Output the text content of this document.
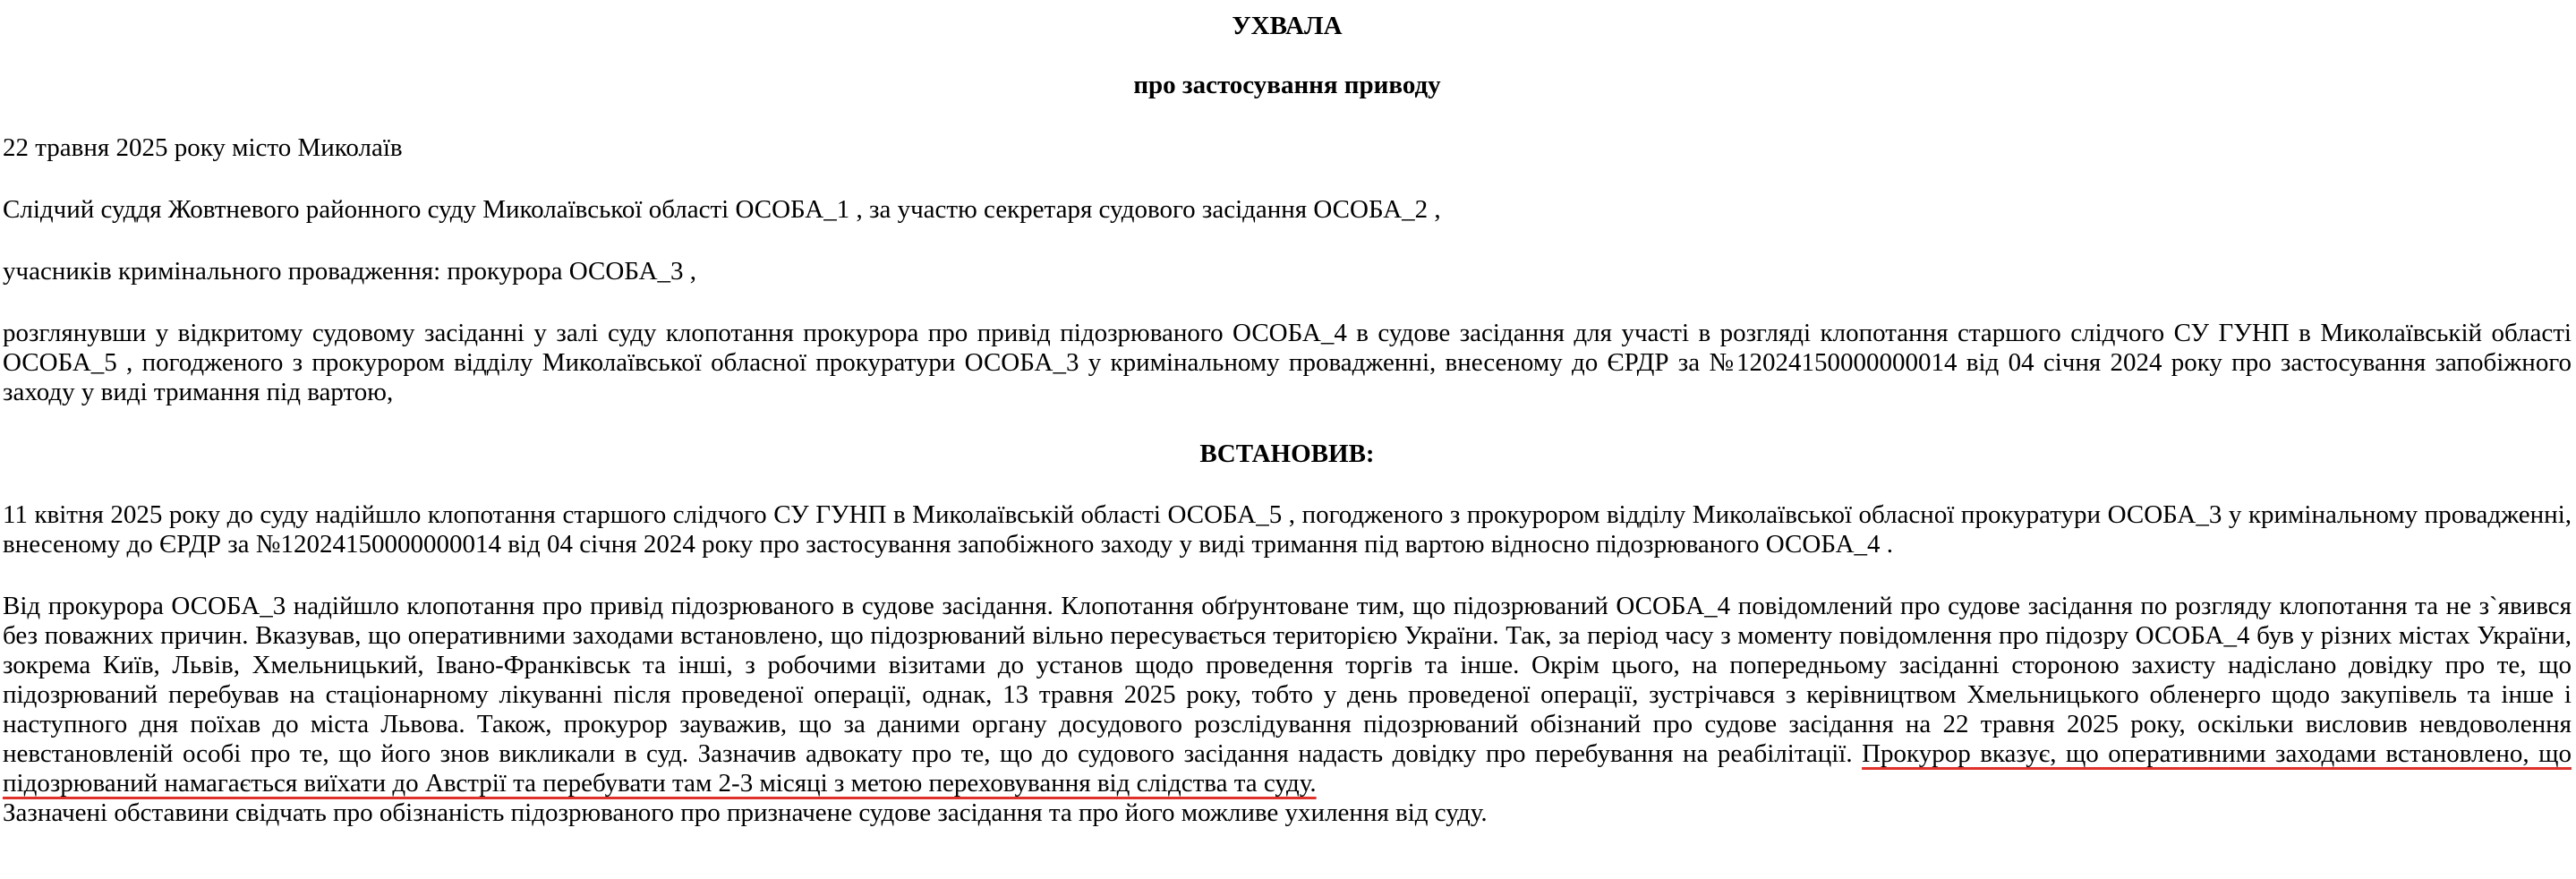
УХВАЛА
про застосування приводу

22 травня 2025 року місто Миколаїв

Слідчий суддя Жовтневого районного суду Миколаївської області ОСОБА_1 , за участю секретаря судового засідання ОСОБА_2 ,

учасників кримінального провадження: прокурора ОСОБА_3 ,

розглянувши у відкритому судовому засіданні у залі суду клопотання прокурора про привід підозрюваного ОСОБА_4 в судове засідання для участі в розгляді клопотання старшого слідчого СУ ГУНП в Миколаївській області ОСОБА_5 , погодженого з прокурором відділу Миколаївської обласної прокуратури ОСОБА_3 у кримінальному провадженні, внесеному до ЄРДР за №12024150000000014 від 04 січня 2024 року про застосування запобіжного заходу у виді тримання під вартою,

ВСТАНОВИВ:

11 квітня 2025 року до суду надійшло клопотання старшого слідчого СУ ГУНП в Миколаївській області ОСОБА_5 , погодженого з прокурором відділу Миколаївської обласної прокуратури ОСОБА_3 у кримінальному провадженні, внесеному до ЄРДР за №12024150000000014 від 04 січня 2024 року про застосування запобіжного заходу у виді тримання під вартою відносно підозрюваного ОСОБА_4 .

Від прокурора ОСОБА_3 надійшло клопотання про привід підозрюваного в судове засідання. Клопотання обґрунтоване тим, що підозрюваний ОСОБА_4 повідомлений про судове засідання по розгляду клопотання та не з`явився без поважних причин. Вказував, що оперативними заходами встановлено, що підозрюваний вільно пересувається територією України. Так, за період часу з моменту повідомлення про підозру ОСОБА_4 був у різних містах України, зокрема Київ, Львів, Хмельницький, Івано-Франківськ та інші, з робочими візитами до установ щодо проведення торгів та інше. Окрім цього, на попередньому засіданні стороною захисту надіслано довідку про те, що підозрюваний перебував на стаціонарному лікуванні після проведеної операції, однак, 13 травня 2025 року, тобто у день проведеної операції, зустрічався з керівництвом Хмельницького обленерго щодо закупівель та інше і наступного дня поїхав до міста Львова. Також, прокурор зауважив, що за даними органу досудового розслідування підозрюваний обізнаний про судове засідання на 22 травня 2025 року, оскільки висловив невдоволення невстановленій особі про те, що його знов викликали в суд. Зазначив адвокату про те, що до судового засідання надасть довідку про перебування на реабілітації. Прокурор вказує, що оперативними заходами встановлено, що підозрюваний намагається виїхати до Австрії та перебувати там 2-3 місяці з метою переховування від слідства та суду.
Зазначені обставини свідчать про обізнаність підозрюваного про призначене судове засідання та про його можливе ухилення від суду.
